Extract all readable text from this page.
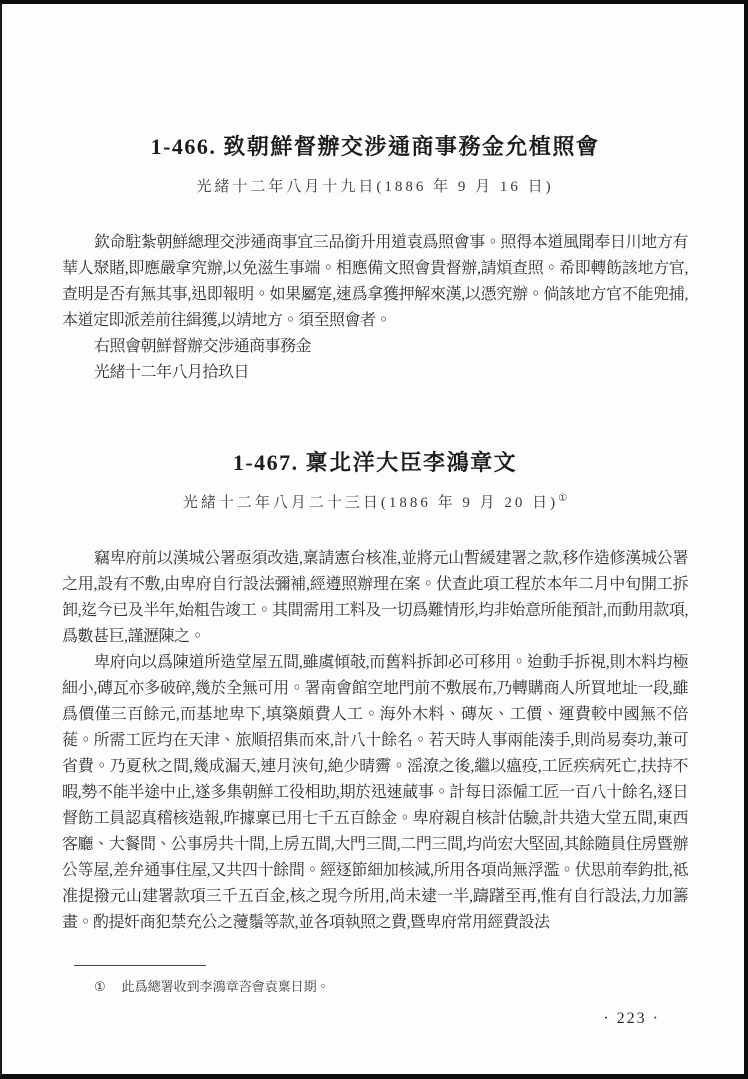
1-466. 致朝鮮督辦交涉通商事務金允植照會
光緒十二年八月十九日(1886 年 9 月 16 日)

欽命駐紮朝鮮總理交涉通商事宜三品銜升用道袁爲照會事。照得本道風聞奉日川地方有華人聚賭,即應嚴拿究辦,以免滋生事端。相應備文照會貴督辦,請煩查照。希即轉飭該地方官,查明是否有無其事,迅即報明。如果屬寔,速爲拿獲押解來漢,以憑究辦。倘該地方官不能兜捕,本道定即派差前往緝獲,以靖地方。須至照會者。

右照會朝鮮督辦交涉通商事務金

光緒十二年八月拾玖日

1-467. 稟北洋大臣李鴻章文
光緒十二年八月二十三日(1886 年 9 月 20 日)①

竊卑府前以漢城公署亟須改造,稟請憲台核准,並將元山暫緩建署之款,移作造修漢城公署之用,設有不敷,由卑府自行設法彌補,經遵照辦理在案。伏查此項工程於本年二月中旬開工拆卸,迄今已及半年,始粗告竣工。其間需用工料及一切爲難情形,均非始意所能預計,而動用款項,爲數甚巨,謹瀝陳之。

卑府向以爲陳道所造堂屋五間,雖虞傾攲,而舊料拆卸必可移用。迨動手拆視,則木料均極細小,磚瓦亦多破碎,幾於全無可用。署南會館空地門前不敷展布,乃轉購商人所買地址一段,雖爲價僅三百餘元,而基地卑下,填築頗費人工。海外木料、磚灰、工價、運費較中國無不倍蓰。所需工匠均在天津、旅順招集而來,計八十餘名。若天時人事兩能湊手,則尚易奏功,兼可省費。乃夏秋之間,幾成漏天,連月浹旬,絶少晴霽。滛潦之後,繼以瘟疫,工匠疾病死亡,扶持不暇,勢不能半途中止,遂多集朝鮮工役相助,期於迅速蕆事。計每日添僱工匠一百八十餘名,逐日督飭工員認真稽核造報,昨據稟已用七千五百餘金。卑府親自核計估驗,計共造大堂五間,東西客廳、大餐間、公事房共十間,上房五間,大門三間,二門三間,均尚宏大堅固,其餘隨員住房暨辦公等屋,差弁通事住屋,又共四十餘間。經逐節細加核減,所用各項尚無浮濫。伏思前奉鈞批,祗准提撥元山建署款項三千五百金,核之現今所用,尚未逮一半,躊躇至再,惟有自行設法,力加籌畫。酌提奸商犯禁充公之薓鬚等款,並各項執照之費,暨卑府常用經費設法

① 此爲總署收到李鴻章咨會袁稟日期。
· 223 ·
